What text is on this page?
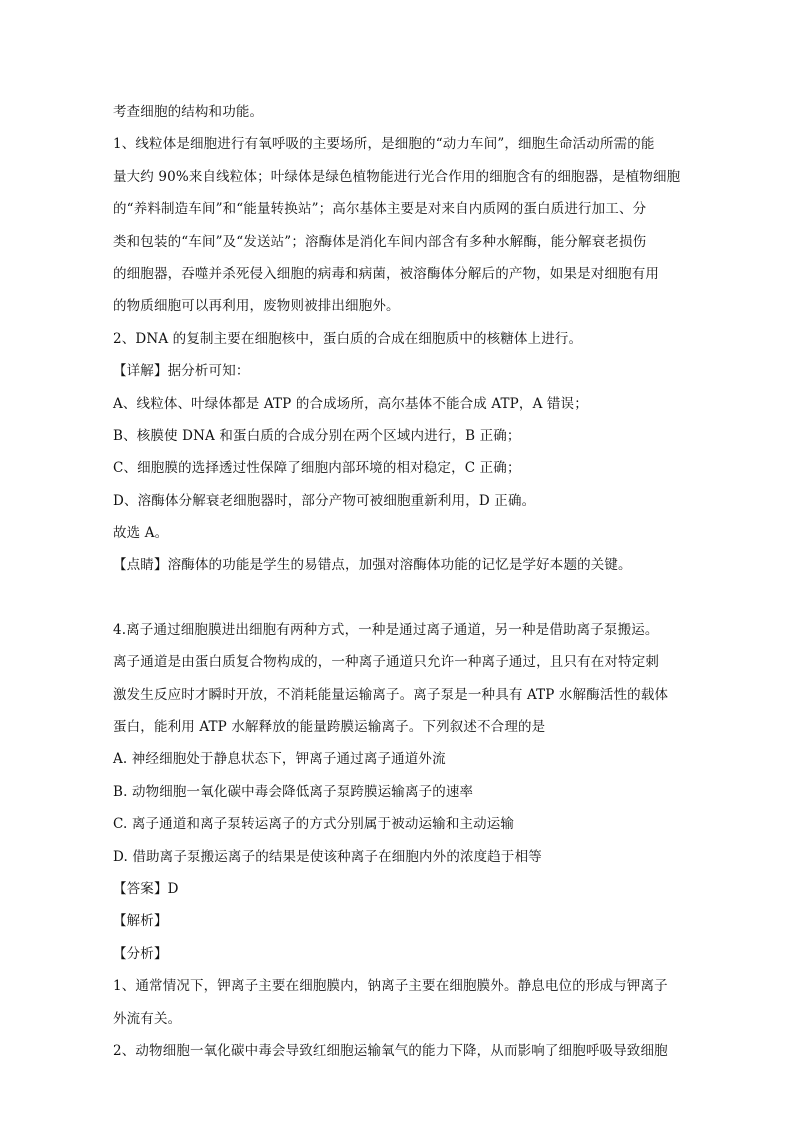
考查细胞的结构和功能。
1、线粒体是细胞进行有氧呼吸的主要场所，是细胞的“动力车间”，细胞生命活动所需的能
量大约 90%来自线粒体；叶绿体是绿色植物能进行光合作用的细胞含有的细胞器，是植物细胞
的“养料制造车间”和“能量转换站”；高尔基体主要是对来自内质网的蛋白质进行加工、分
类和包装的“车间”及“发送站”；溶酶体是消化车间内部含有多种水解酶，能分解衰老损伤
的细胞器，吞噬并杀死侵入细胞的病毒和病菌，被溶酶体分解后的产物，如果是对细胞有用
的物质细胞可以再利用，废物则被排出细胞外。
2、DNA 的复制主要在细胞核中，蛋白质的合成在细胞质中的核糖体上进行。
【详解】据分析可知：
A、线粒体、叶绿体都是 ATP 的合成场所，高尔基体不能合成 ATP，A 错误；
B、核膜使 DNA 和蛋白质的合成分别在两个区域内进行，B 正确；
C、细胞膜的选择透过性保障了细胞内部环境的相对稳定，C 正确；
D、溶酶体分解衰老细胞器时，部分产物可被细胞重新利用，D 正确。
故选 A。
【点睛】溶酶体的功能是学生的易错点，加强对溶酶体功能的记忆是学好本题的关键。
4.离子通过细胞膜进出细胞有两种方式，一种是通过离子通道，另一种是借助离子泵搬运。
离子通道是由蛋白质复合物构成的，一种离子通道只允许一种离子通过，且只有在对特定刺
激发生反应时才瞬时开放，不消耗能量运输离子。离子泵是一种具有 ATP 水解酶活性的载体
蛋白，能利用 ATP 水解释放的能量跨膜运输离子。下列叙述不合理的是
A. 神经细胞处于静息状态下，钾离子通过离子通道外流
B. 动物细胞一氧化碳中毒会降低离子泵跨膜运输离子的速率
C. 离子通道和离子泵转运离子的方式分别属于被动运输和主动运输
D. 借助离子泵搬运离子的结果是使该种离子在细胞内外的浓度趋于相等
【答案】D
【解析】
【分析】
1、通常情况下，钾离子主要在细胞膜内，钠离子主要在细胞膜外。静息电位的形成与钾离子
外流有关。
2、动物细胞一氧化碳中毒会导致红细胞运输氧气的能力下降，从而影响了细胞呼吸导致细胞
